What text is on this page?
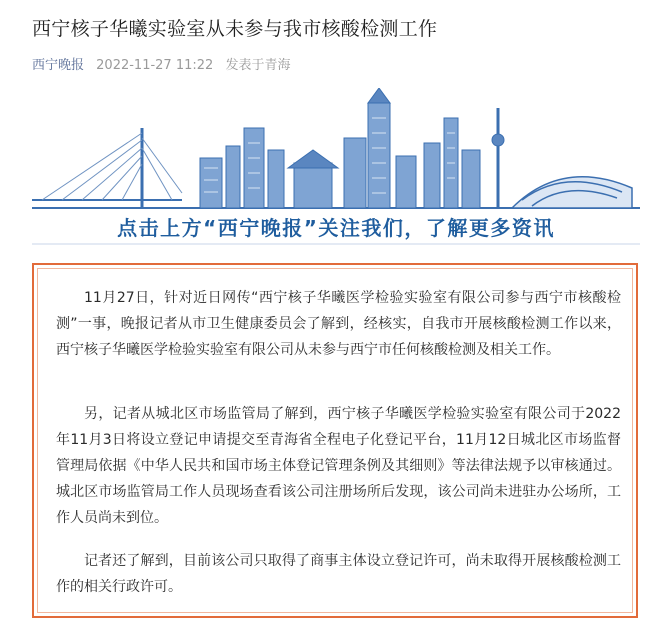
西宁核子华曦实验室从未参与我市核酸检测工作
西宁晚报 2022-11-27 11:22 发表于青海
点击上方“西宁晚报”关注我们，了解更多资讯

11月27日，针对近日网传“西宁核子华曦医学检验实验室有限公司参与西宁市核酸检测”一事，晚报记者从市卫生健康委员会了解到，经核实，自我市开展核酸检测工作以来，西宁核子华曦医学检验实验室有限公司从未参与西宁市任何核酸检测及相关工作。

另，记者从城北区市场监管局了解到，西宁核子华曦医学检验实验室有限公司于2022年11月3日将设立登记申请提交至青海省全程电子化登记平台，11月12日城北区市场监督管理局依据《中华人民共和国市场主体登记管理条例及其细则》等法律法规予以审核通过。城北区市场监管局工作人员现场查看该公司注册场所后发现，该公司尚未进驻办公场所，工作人员尚未到位。

记者还了解到，目前该公司只取得了商事主体设立登记许可，尚未取得开展核酸检测工作的相关行政许可。
